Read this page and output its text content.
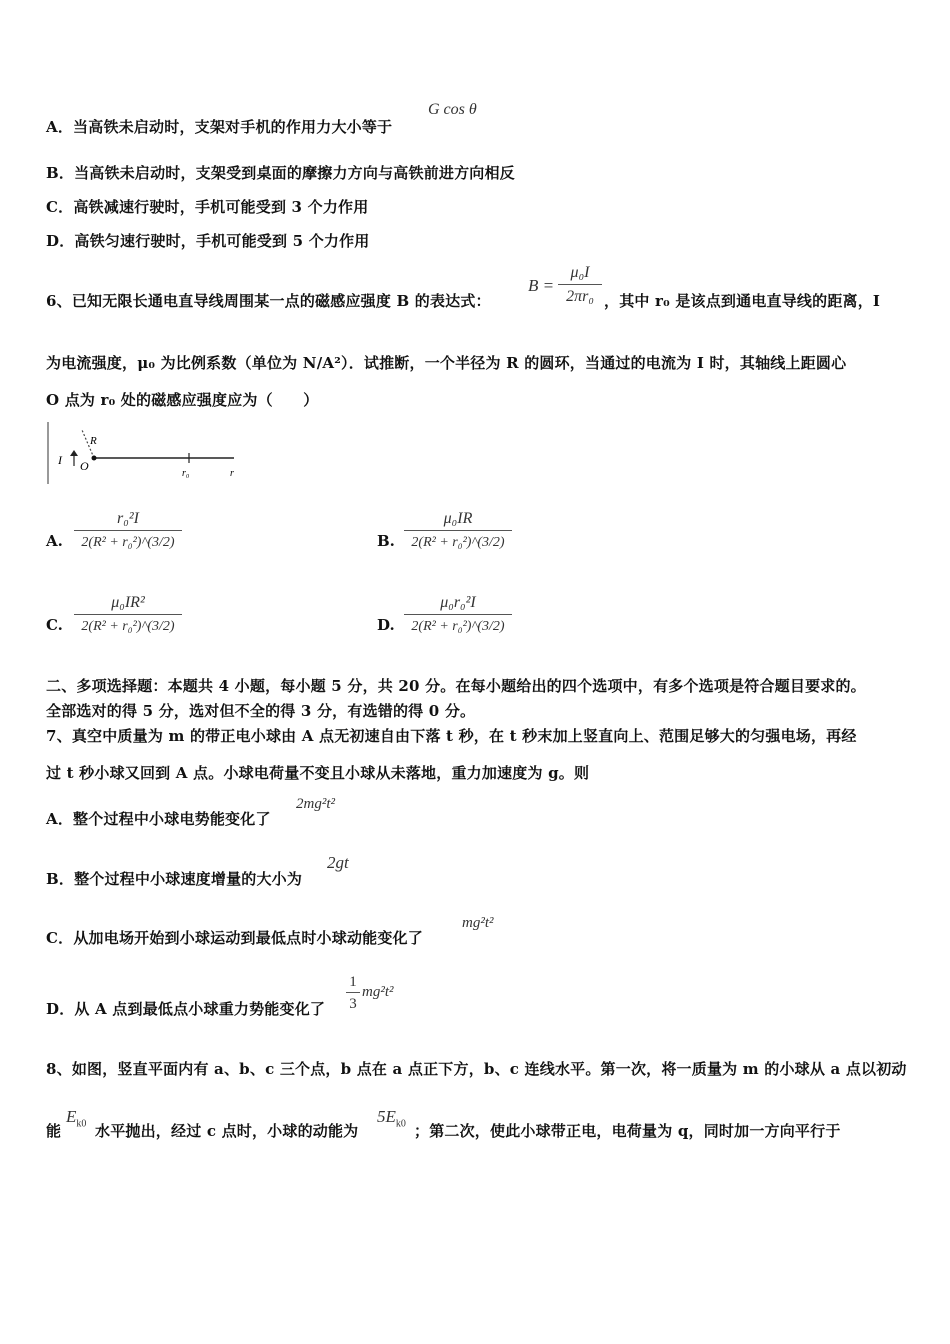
A．当高铁未启动时，支架对手机的作用力大小等于
G cos θ
B．当高铁未启动时，支架受到桌面的摩擦力方向与高铁前进方向相反
C．高铁减速行驶时，手机可能受到 3 个力作用
D．高铁匀速行驶时，手机可能受到 5 个力作用
6、已知无限长通电直导线周围某一点的磁感应强度 B 的表达式：
B =
μ₀I
2πr₀ ，其中 r₀ 是该点到通电直导线的距离，I
为电流强度，μ₀ 为比例系数（单位为 N/A²）．试推断，一个半径为 R 的圆环，当通过的电流为 I 时，其轴线上距圆心
O 点为 r₀ 处的磁感应强度应为（　　）
I O
R
r₀	r
A.
r₀²I
2(R² + r₀²)^(3/2)	B.
μ₀IR
2(R² + r₀²)^(3/2)
C.
μ₀IR²
2(R² + r₀²)^(3/2)	D.
μ₀r₀²I
2(R² + r₀²)^(3/2)
二、多项选择题：本题共 4 小题，每小题 5 分，共 20 分。在每小题给出的四个选项中，有多个选项是符合题目要求的。
全部选对的得 5 分，选对但不全的得 3 分，有选错的得 0 分。
7、真空中质量为 m 的带正电小球由 A 点无初速自由下落 t 秒，在 t 秒末加上竖直向上、范围足够大的匀强电场，再经
过 t 秒小球又回到 A 点。小球电荷量不变且小球从未落地，重力加速度为 g。则
A．整个过程中小球电势能变化了
2mg²t²
B．整个过程中小球速度增量的大小为
2gt
C．从加电场开始到小球运动到最低点时小球动能变化了
mg²t²
D．从 A 点到最低点小球重力势能变化了
1
3
mg²t²
8、如图，竖直平面内有 a、b、c 三个点，b 点在 a 点正下方，b、c 连线水平。第一次，将一质量为 m 的小球从 a 点以初动
能
$E_{k0}$ 水平抛出，经过 c 点时，小球的动能为
$5E_{k0}$ ；第二次，使此小球带正电，电荷量为 q，同时加一方向平行于
